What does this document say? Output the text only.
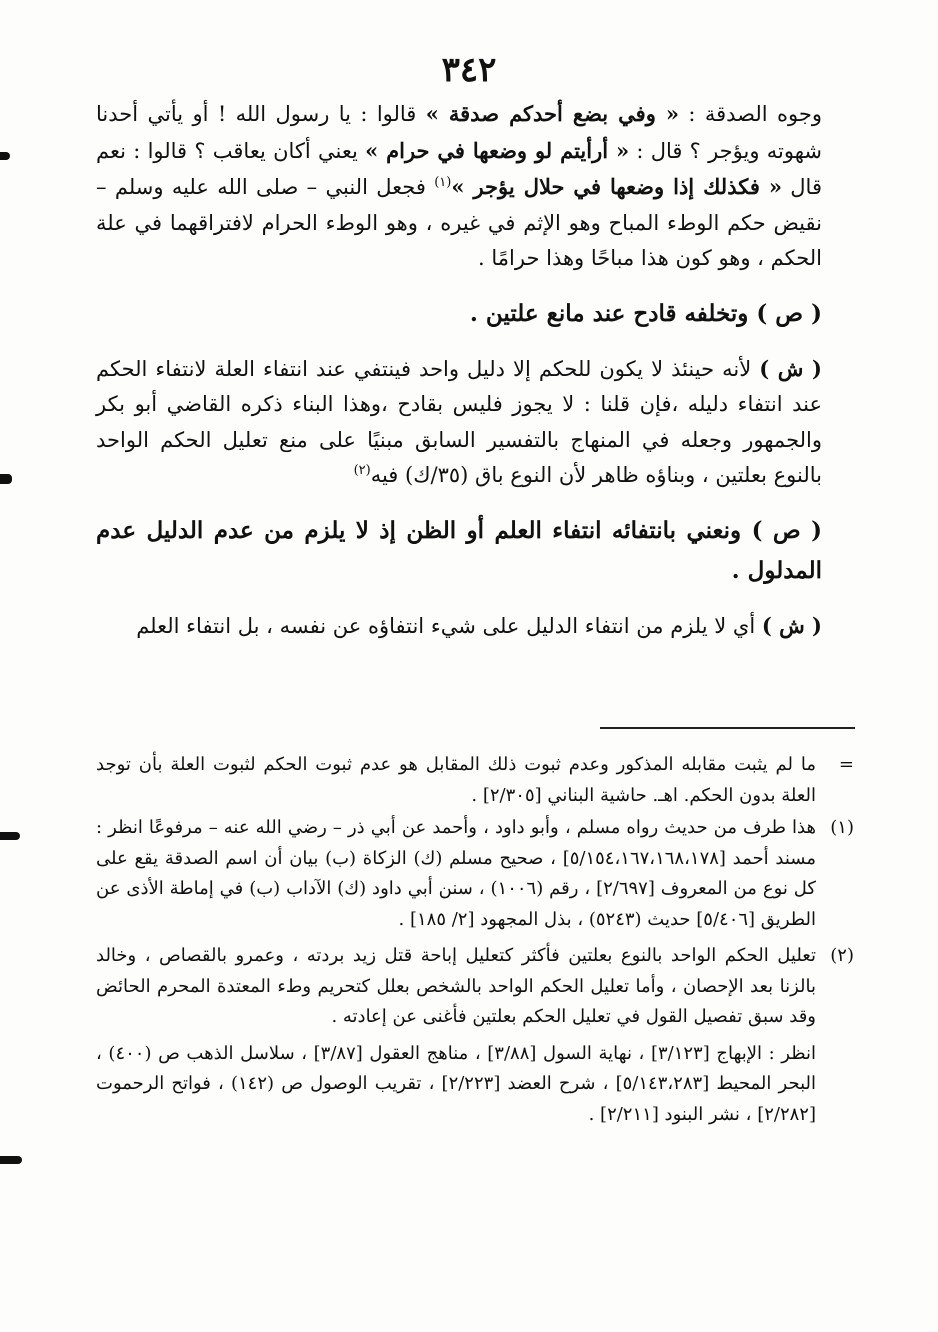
٣٤٢

وجوه الصدقة : « وفي بضع أحدكم صدقة » قالوا : يا رسول الله ! أو يأتي أحدنا شهوته ويؤجر ؟ قال : « أرأيتم لو وضعها في حرام » يعني أكان يعاقب ؟ قالوا : نعم قال « فكذلك إذا وضعها في حلال يؤجر »$^{(١)}$ فجعل النبي – صلى الله عليه وسلم – نقيض حكم الوطء المباح وهو الإثم في غيره ، وهو الوطء الحرام لافتراقهما في علة الحكم ، وهو كون هذا مباحًا وهذا حرامًا .

( ص ) وتخلفه قادح عند مانع علتين .

( ش ) لأنه حينئذ لا يكون للحكم إلا دليل واحد فينتفي عند انتفاء العلة لانتفاء الحكم عند انتفاء دليله ،فإن قلنا : لا يجوز فليس بقادح ،وهذا البناء ذكره القاضي أبو بكر والجمهور وجعله في المنهاج بالتفسير السابق مبنيًا على منع تعليل الحكم الواحد بالنوع بعلتين ، وبناؤه ظاهر لأن النوع باق (٣٥/ك) فيه$^{(٢)}$

( ص ) ونعني بانتفائه انتفاء العلم أو الظن إذ لا يلزم من عدم الدليل عدم المدلول .

( ش ) أي لا يلزم من انتفاء الدليل على شيء انتفاؤه عن نفسه ، بل انتفاء العلم

=
ما لم يثبت مقابله المذكور وعدم ثبوت ذلك المقابل هو عدم ثبوت الحكم لثبوت العلة بأن توجد العلة بدون الحكم. اهـ. حاشية البناني [٢/٣٠٥] .
(١)
هذا طرف من حديث رواه مسلم ، وأبو داود ، وأحمد عن أبي ذر – رضي الله عنه – مرفوعًا انظر : مسند أحمد [٥/١٥٤،١٦٧،١٦٨،١٧٨] ، صحيح مسلم (ك) الزكاة (ب) بيان أن اسم الصدقة يقع على كل نوع من المعروف [٢/٦٩٧] ، رقم (١٠٠٦) ، سنن أبي داود (ك) الآداب (ب) في إماطة الأذى عن الطريق [٥/٤٠٦] حديث (٥٢٤٣) ، بذل المجهود [٢/ ١٨٥] .
(٢)
تعليل الحكم الواحد بالنوع بعلتين فأكثر كتعليل إباحة قتل زيد بردته ، وعمرو بالقصاص ، وخالد بالزنا بعد الإحصان ، وأما تعليل الحكم الواحد بالشخص بعلل كتحريم وطء المعتدة المحرم الحائض وقد سبق تفصيل القول في تعليل الحكم بعلتين فأغنى عن إعادته .
انظر : الإبهاج [٣/١٢٣] ، نهاية السول [٣/٨٨] ، مناهج العقول [٣/٨٧] ، سلاسل الذهب ص (٤٠٠) ، البحر المحيط [٥/١٤٣،٢٨٣] ، شرح العضد [٢/٢٢٣] ، تقريب الوصول ص (١٤٢) ، فواتح الرحموت [٢/٢٨٢] ، نشر البنود [٢/٢١١] .
